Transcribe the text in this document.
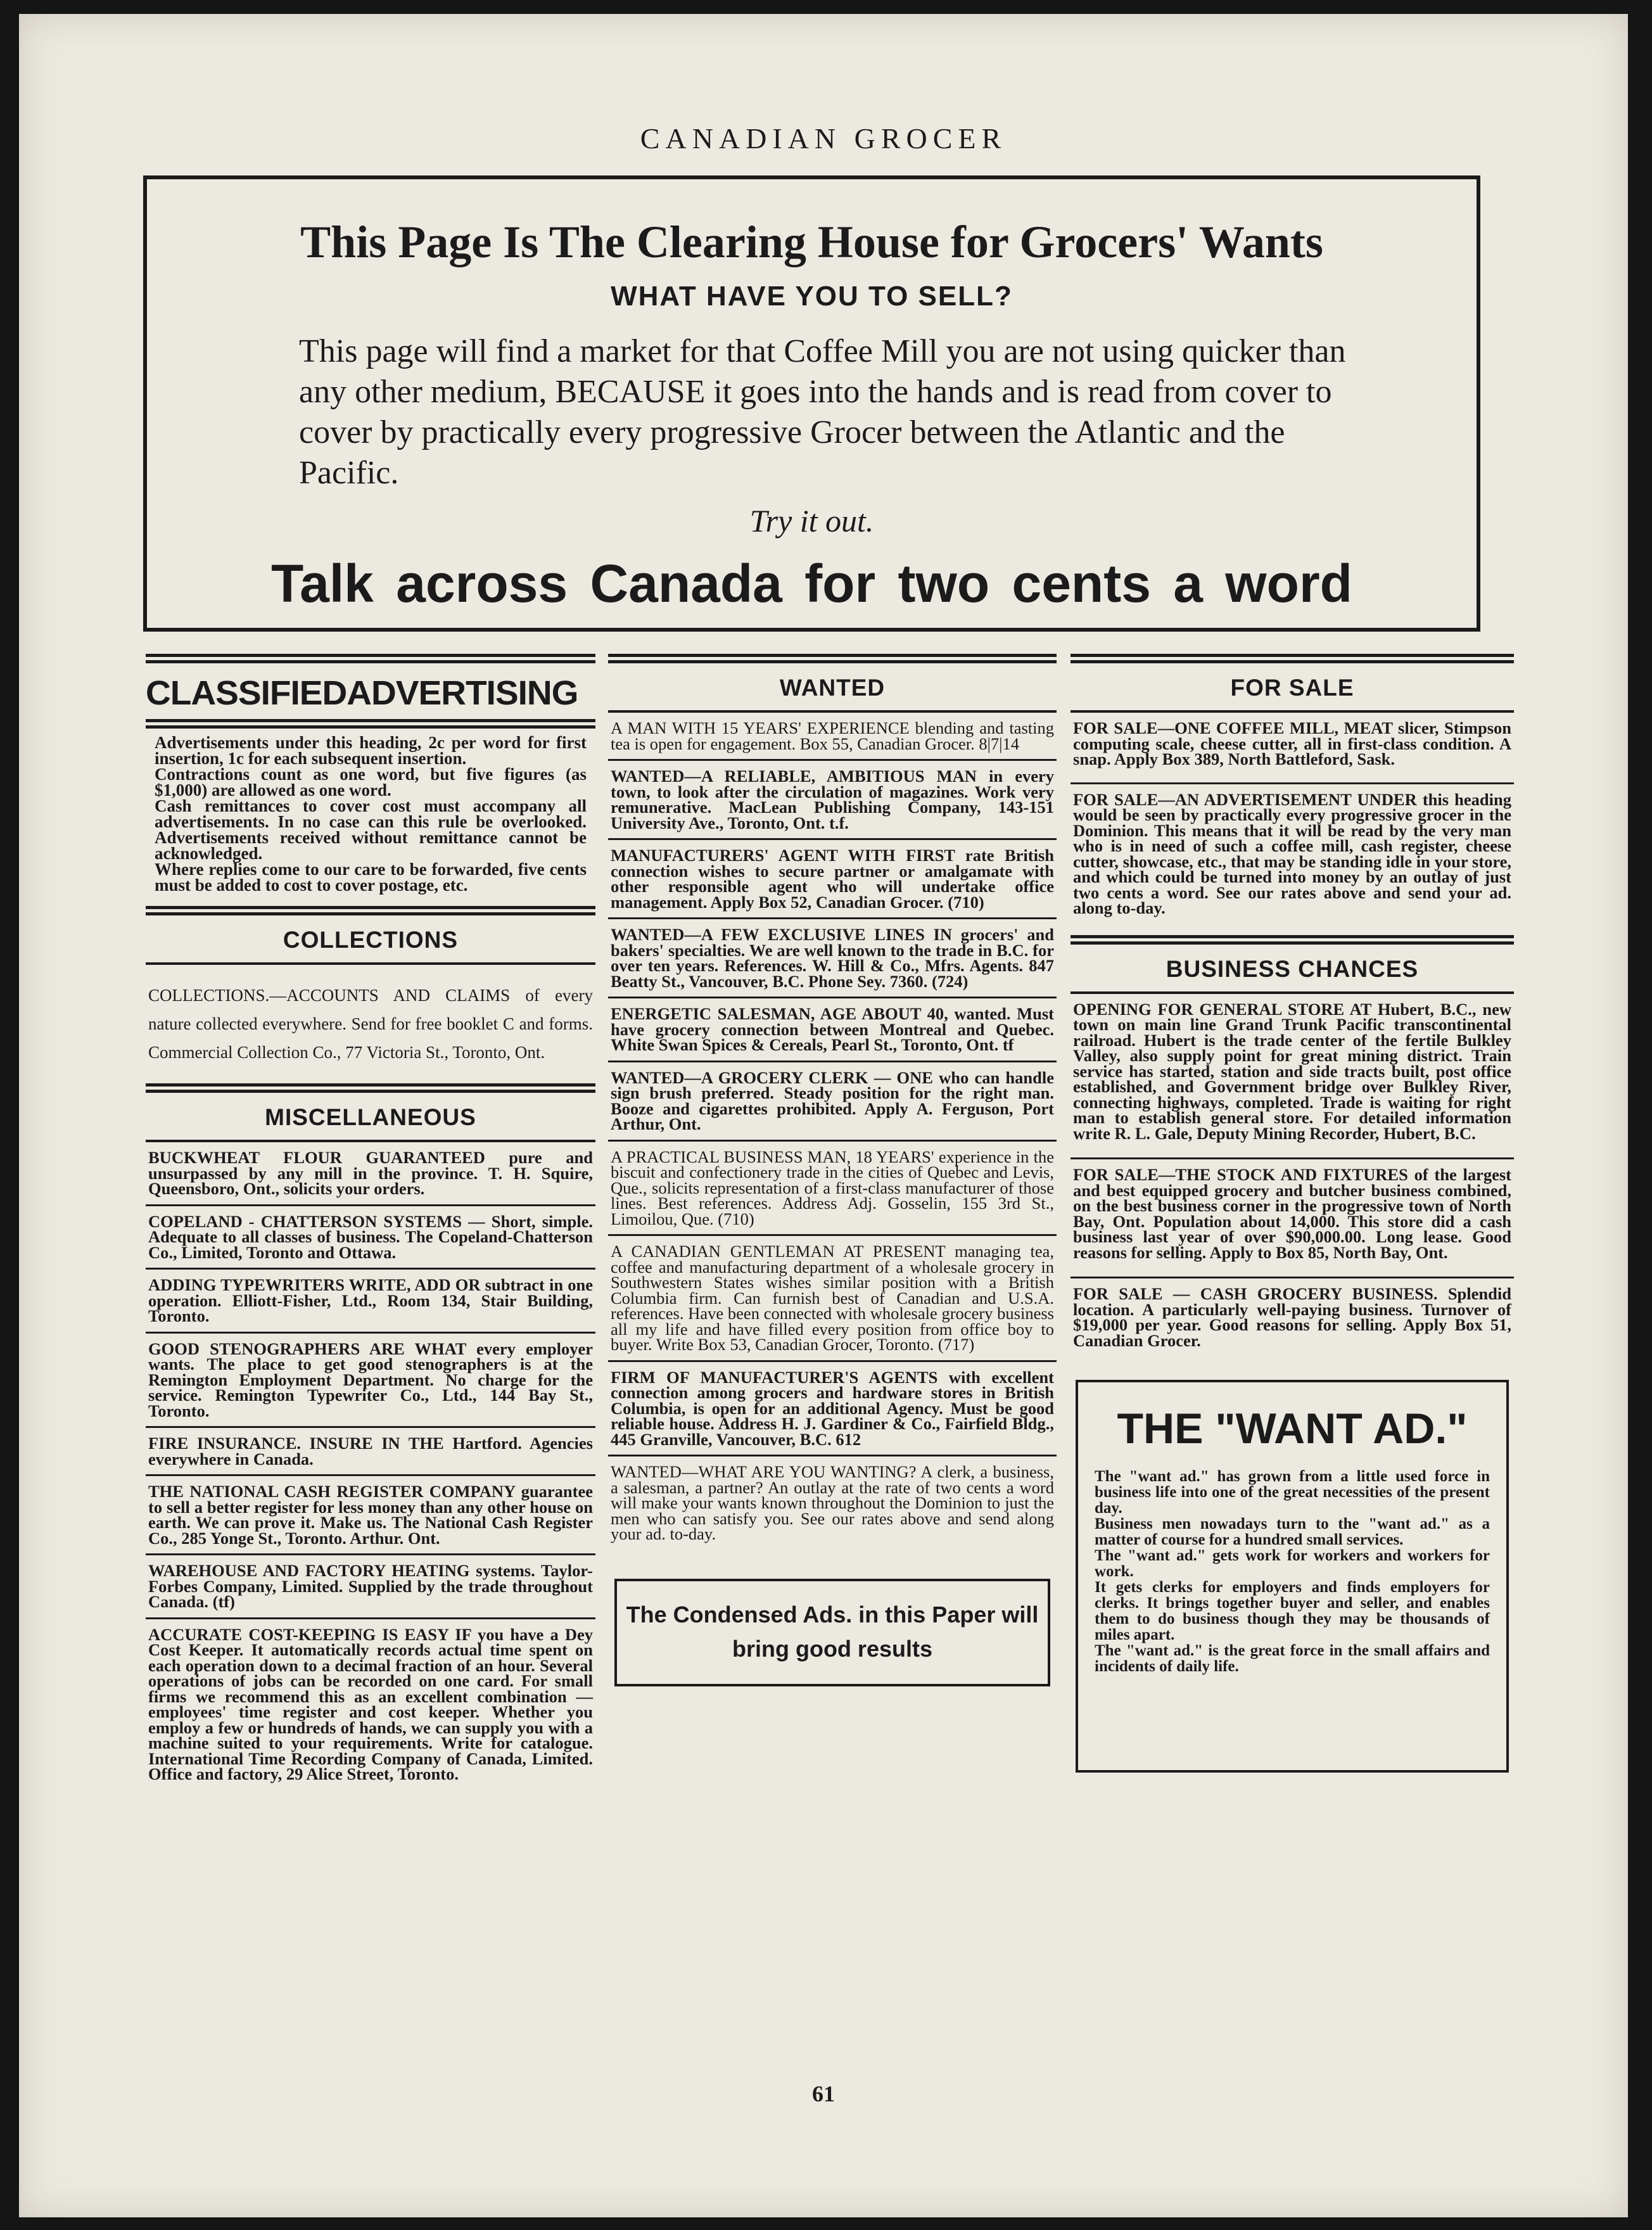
CANADIAN GROCER
This Page Is The Clearing House for Grocers' Wants
WHAT HAVE YOU TO SELL?
This page will find a market for that Coffee Mill you are not using quicker than any other medium, BECAUSE it goes into the hands and is read from cover to cover by practically every progressive Grocer between the Atlantic and the Pacific.
Try it out.
Talk across Canada for two cents a word
CLASSIFIEDADVERTISING

Advertisements under this heading, 2c per word for first insertion, 1c for each subsequent insertion.

Contractions count as one word, but five figures (as $1,000) are allowed as one word.

Cash remittances to cover cost must accompany all advertisements. In no case can this rule be overlooked. Advertisements received without remittance cannot be acknowledged.

Where replies come to our care to be forwarded, five cents must be added to cost to cover postage, etc.

COLLECTIONS
COLLECTIONS.—ACCOUNTS AND CLAIMS of every nature collected everywhere. Send for free booklet C and forms. Commercial Collection Co., 77 Victoria St., Toronto, Ont.
MISCELLANEOUS
BUCKWHEAT FLOUR GUARANTEED pure and unsurpassed by any mill in the province. T. H. Squire, Queensboro, Ont., solicits your orders.
COPELAND - CHATTERSON SYSTEMS — Short, simple. Adequate to all classes of business. The Copeland-Chatterson Co., Limited, Toronto and Ottawa.
ADDING TYPEWRITERS WRITE, ADD OR subtract in one operation. Elliott-Fisher, Ltd., Room 134, Stair Building, Toronto.
GOOD STENOGRAPHERS ARE WHAT every employer wants. The place to get good stenographers is at the Remington Employment Department. No charge for the service. Remington Typewriter Co., Ltd., 144 Bay St., Toronto.
FIRE INSURANCE. INSURE IN THE Hartford. Agencies everywhere in Canada.
THE NATIONAL CASH REGISTER COMPANY guarantee to sell a better register for less money than any other house on earth. We can prove it. Make us. The National Cash Register Co., 285 Yonge St., Toronto. Arthur. Ont.
WAREHOUSE AND FACTORY HEATING systems. Taylor-Forbes Company, Limited. Supplied by the trade throughout Canada. (tf)
ACCURATE COST-KEEPING IS EASY IF you have a Dey Cost Keeper. It automatically records actual time spent on each operation down to a decimal fraction of an hour. Several operations of jobs can be recorded on one card. For small firms we recommend this as an excellent combination — employees' time register and cost keeper. Whether you employ a few or hundreds of hands, we can supply you with a machine suited to your requirements. Write for catalogue. International Time Recording Company of Canada, Limited. Office and factory, 29 Alice Street, Toronto.
WANTED
A MAN WITH 15 YEARS' EXPERIENCE blending and tasting tea is open for engagement. Box 55, Canadian Grocer. 8|7|14
WANTED—A RELIABLE, AMBITIOUS MAN in every town, to look after the circulation of magazines. Work very remunerative. MacLean Publishing Company, 143-151 University Ave., Toronto, Ont. t.f.
MANUFACTURERS' AGENT WITH FIRST rate British connection wishes to secure partner or amalgamate with other responsible agent who will undertake office management. Apply Box 52, Canadian Grocer. (710)
WANTED—A FEW EXCLUSIVE LINES IN grocers' and bakers' specialties. We are well known to the trade in B.C. for over ten years. References. W. Hill & Co., Mfrs. Agents. 847 Beatty St., Vancouver, B.C. Phone Sey. 7360. (724)
ENERGETIC SALESMAN, AGE ABOUT 40, wanted. Must have grocery connection between Montreal and Quebec. White Swan Spices & Cereals, Pearl St., Toronto, Ont. tf
WANTED—A GROCERY CLERK — ONE who can handle sign brush preferred. Steady position for the right man. Booze and cigarettes prohibited. Apply A. Ferguson, Port Arthur, Ont.
A PRACTICAL BUSINESS MAN, 18 YEARS' experience in the biscuit and confectionery trade in the cities of Quebec and Levis, Que., solicits representation of a first-class manufacturer of those lines. Best references. Address Adj. Gosselin, 155 3rd St., Limoilou, Que. (710)
A CANADIAN GENTLEMAN AT PRESENT managing tea, coffee and manufacturing department of a wholesale grocery in Southwestern States wishes similar position with a British Columbia firm. Can furnish best of Canadian and U.S.A. references. Have been connected with wholesale grocery business all my life and have filled every position from office boy to buyer. Write Box 53, Canadian Grocer, Toronto. (717)
FIRM OF MANUFACTURER'S AGENTS with excellent connection among grocers and hardware stores in British Columbia, is open for an additional Agency. Must be good reliable house. Address H. J. Gardiner & Co., Fairfield Bldg., 445 Granville, Vancouver, B.C. 612
WANTED—WHAT ARE YOU WANTING? A clerk, a business, a salesman, a partner? An outlay at the rate of two cents a word will make your wants known throughout the Dominion to just the men who can satisfy you. See our rates above and send along your ad. to-day.
The Condensed Ads. in this Paper will bring good results
FOR SALE
FOR SALE—ONE COFFEE MILL, MEAT slicer, Stimpson computing scale, cheese cutter, all in first-class condition. A snap. Apply Box 389, North Battleford, Sask.
FOR SALE—AN ADVERTISEMENT UNDER this heading would be seen by practically every progressive grocer in the Dominion. This means that it will be read by the very man who is in need of such a coffee mill, cash register, cheese cutter, showcase, etc., that may be standing idle in your store, and which could be turned into money by an outlay of just two cents a word. See our rates above and send your ad. along to-day.
BUSINESS CHANCES
OPENING FOR GENERAL STORE AT Hubert, B.C., new town on main line Grand Trunk Pacific transcontinental railroad. Hubert is the trade center of the fertile Bulkley Valley, also supply point for great mining district. Train service has started, station and side tracts built, post office established, and Government bridge over Bulkley River, connecting highways, completed. Trade is waiting for right man to establish general store. For detailed information write R. L. Gale, Deputy Mining Recorder, Hubert, B.C.
FOR SALE—THE STOCK AND FIXTURES of the largest and best equipped grocery and butcher business combined, on the best business corner in the progressive town of North Bay, Ont. Population about 14,000. This store did a cash business last year of over $90,000.00. Long lease. Good reasons for selling. Apply to Box 85, North Bay, Ont.
FOR SALE — CASH GROCERY BUSINESS. Splendid location. A particularly well-paying business. Turnover of $19,000 per year. Good reasons for selling. Apply Box 51, Canadian Grocer.
THE "WANT AD."

The "want ad." has grown from a little used force in business life into one of the great necessities of the present day.

Business men nowadays turn to the "want ad." as a matter of course for a hundred small services.

The "want ad." gets work for workers and workers for work.

It gets clerks for employers and finds employers for clerks. It brings together buyer and seller, and enables them to do business though they may be thousands of miles apart.

The "want ad." is the great force in the small affairs and incidents of daily life.

61
